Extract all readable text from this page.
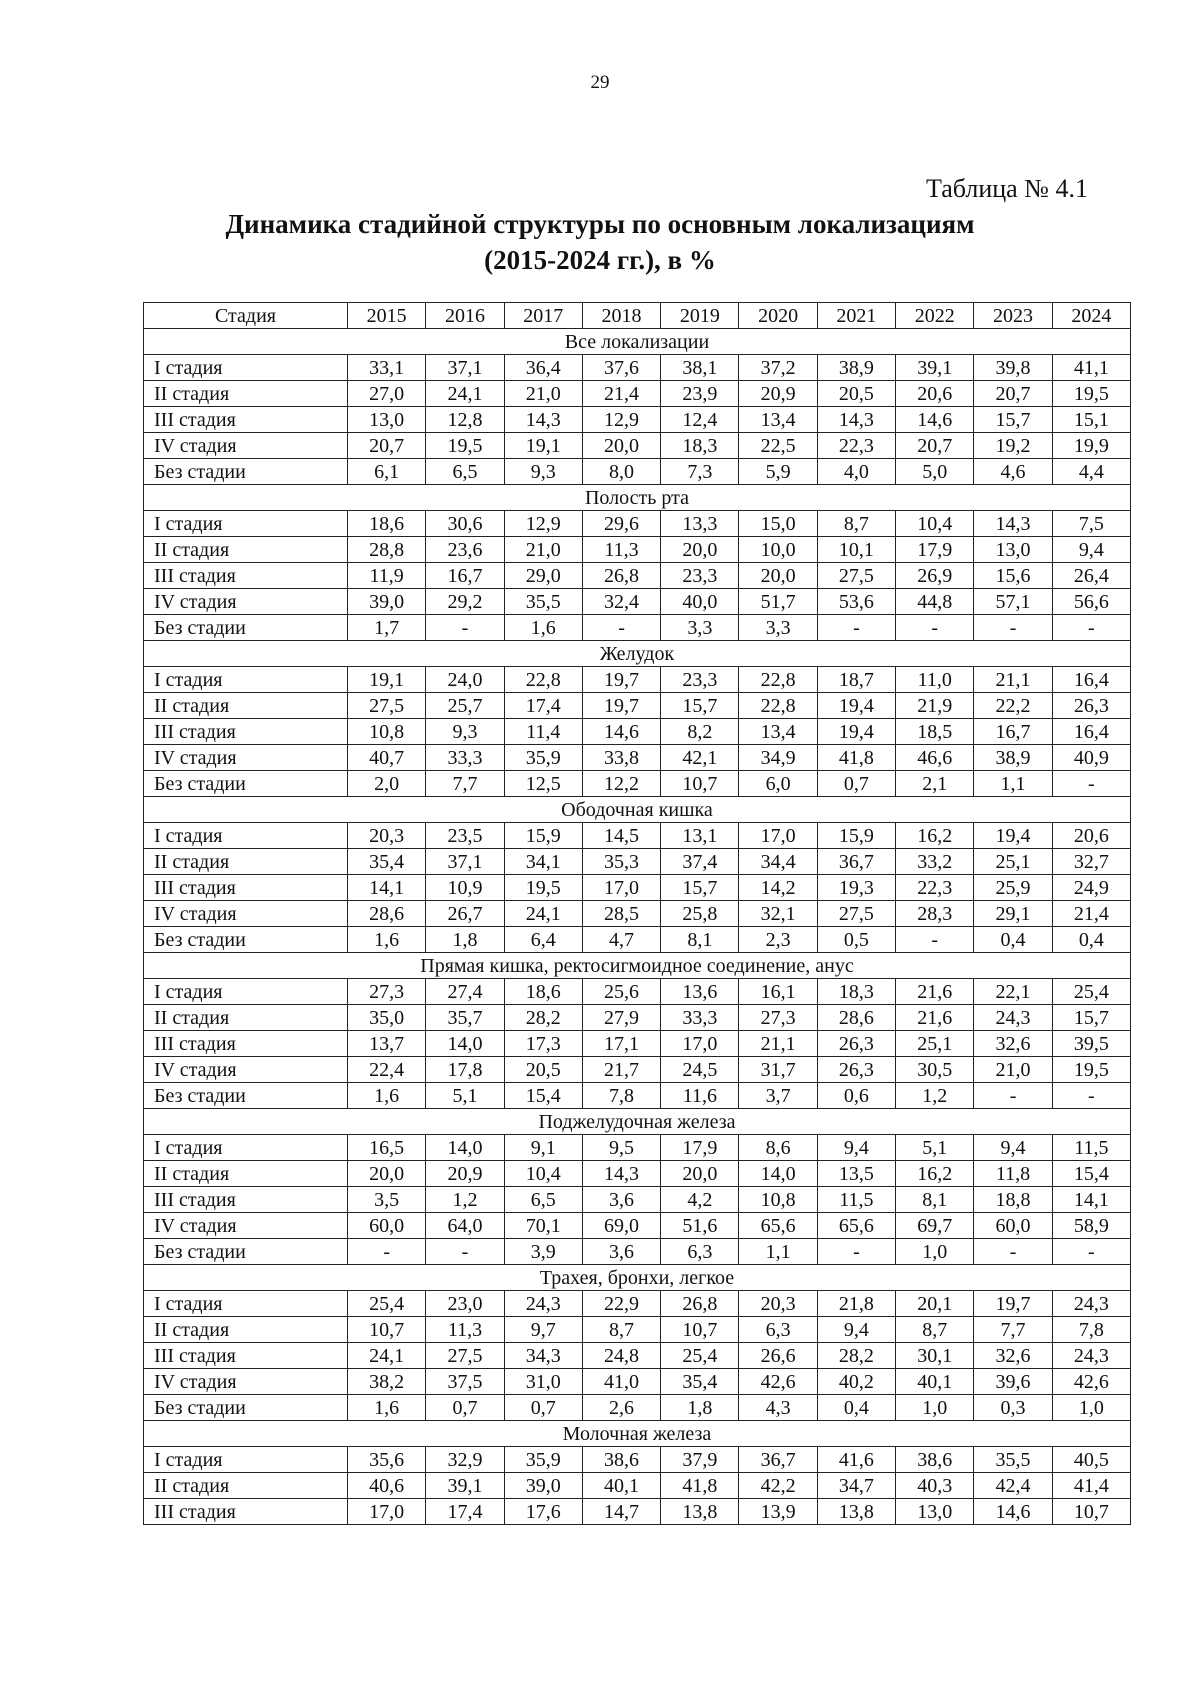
29
Таблица № 4.1
Динамика стадийной структуры по основным локализациям
(2015-2024 гг.), в %
Стадия	2015	2016	2017	2018	2019	2020	2021	2022	2023	2024
Все локализации										
I стадия	33,1	37,1	36,4	37,6	38,1	37,2	38,9	39,1	39,8	41,1
II стадия	27,0	24,1	21,0	21,4	23,9	20,9	20,5	20,6	20,7	19,5
III стадия	13,0	12,8	14,3	12,9	12,4	13,4	14,3	14,6	15,7	15,1
IV стадия	20,7	19,5	19,1	20,0	18,3	22,5	22,3	20,7	19,2	19,9
Без стадии	6,1	6,5	9,3	8,0	7,3	5,9	4,0	5,0	4,6	4,4
Полость рта										
I стадия	18,6	30,6	12,9	29,6	13,3	15,0	8,7	10,4	14,3	7,5
II стадия	28,8	23,6	21,0	11,3	20,0	10,0	10,1	17,9	13,0	9,4
III стадия	11,9	16,7	29,0	26,8	23,3	20,0	27,5	26,9	15,6	26,4
IV стадия	39,0	29,2	35,5	32,4	40,0	51,7	53,6	44,8	57,1	56,6
Без стадии	1,7	-	1,6	-	3,3	3,3	-	-	-	-
Желудок										
I стадия	19,1	24,0	22,8	19,7	23,3	22,8	18,7	11,0	21,1	16,4
II стадия	27,5	25,7	17,4	19,7	15,7	22,8	19,4	21,9	22,2	26,3
III стадия	10,8	9,3	11,4	14,6	8,2	13,4	19,4	18,5	16,7	16,4
IV стадия	40,7	33,3	35,9	33,8	42,1	34,9	41,8	46,6	38,9	40,9
Без стадии	2,0	7,7	12,5	12,2	10,7	6,0	0,7	2,1	1,1	-
Ободочная кишка										
I стадия	20,3	23,5	15,9	14,5	13,1	17,0	15,9	16,2	19,4	20,6
II стадия	35,4	37,1	34,1	35,3	37,4	34,4	36,7	33,2	25,1	32,7
III стадия	14,1	10,9	19,5	17,0	15,7	14,2	19,3	22,3	25,9	24,9
IV стадия	28,6	26,7	24,1	28,5	25,8	32,1	27,5	28,3	29,1	21,4
Без стадии	1,6	1,8	6,4	4,7	8,1	2,3	0,5	-	0,4	0,4
Прямая кишка, ректосигмоидное соединение, анус										
I стадия	27,3	27,4	18,6	25,6	13,6	16,1	18,3	21,6	22,1	25,4
II стадия	35,0	35,7	28,2	27,9	33,3	27,3	28,6	21,6	24,3	15,7
III стадия	13,7	14,0	17,3	17,1	17,0	21,1	26,3	25,1	32,6	39,5
IV стадия	22,4	17,8	20,5	21,7	24,5	31,7	26,3	30,5	21,0	19,5
Без стадии	1,6	5,1	15,4	7,8	11,6	3,7	0,6	1,2	-	-
Поджелудочная железа										
I стадия	16,5	14,0	9,1	9,5	17,9	8,6	9,4	5,1	9,4	11,5
II стадия	20,0	20,9	10,4	14,3	20,0	14,0	13,5	16,2	11,8	15,4
III стадия	3,5	1,2	6,5	3,6	4,2	10,8	11,5	8,1	18,8	14,1
IV стадия	60,0	64,0	70,1	69,0	51,6	65,6	65,6	69,7	60,0	58,9
Без стадии	-	-	3,9	3,6	6,3	1,1	-	1,0	-	-
Трахея, бронхи, легкое										
I стадия	25,4	23,0	24,3	22,9	26,8	20,3	21,8	20,1	19,7	24,3
II стадия	10,7	11,3	9,7	8,7	10,7	6,3	9,4	8,7	7,7	7,8
III стадия	24,1	27,5	34,3	24,8	25,4	26,6	28,2	30,1	32,6	24,3
IV стадия	38,2	37,5	31,0	41,0	35,4	42,6	40,2	40,1	39,6	42,6
Без стадии	1,6	0,7	0,7	2,6	1,8	4,3	0,4	1,0	0,3	1,0
Молочная железа										
I стадия	35,6	32,9	35,9	38,6	37,9	36,7	41,6	38,6	35,5	40,5
II стадия	40,6	39,1	39,0	40,1	41,8	42,2	34,7	40,3	42,4	41,4
III стадия	17,0	17,4	17,6	14,7	13,8	13,9	13,8	13,0	14,6	10,7
